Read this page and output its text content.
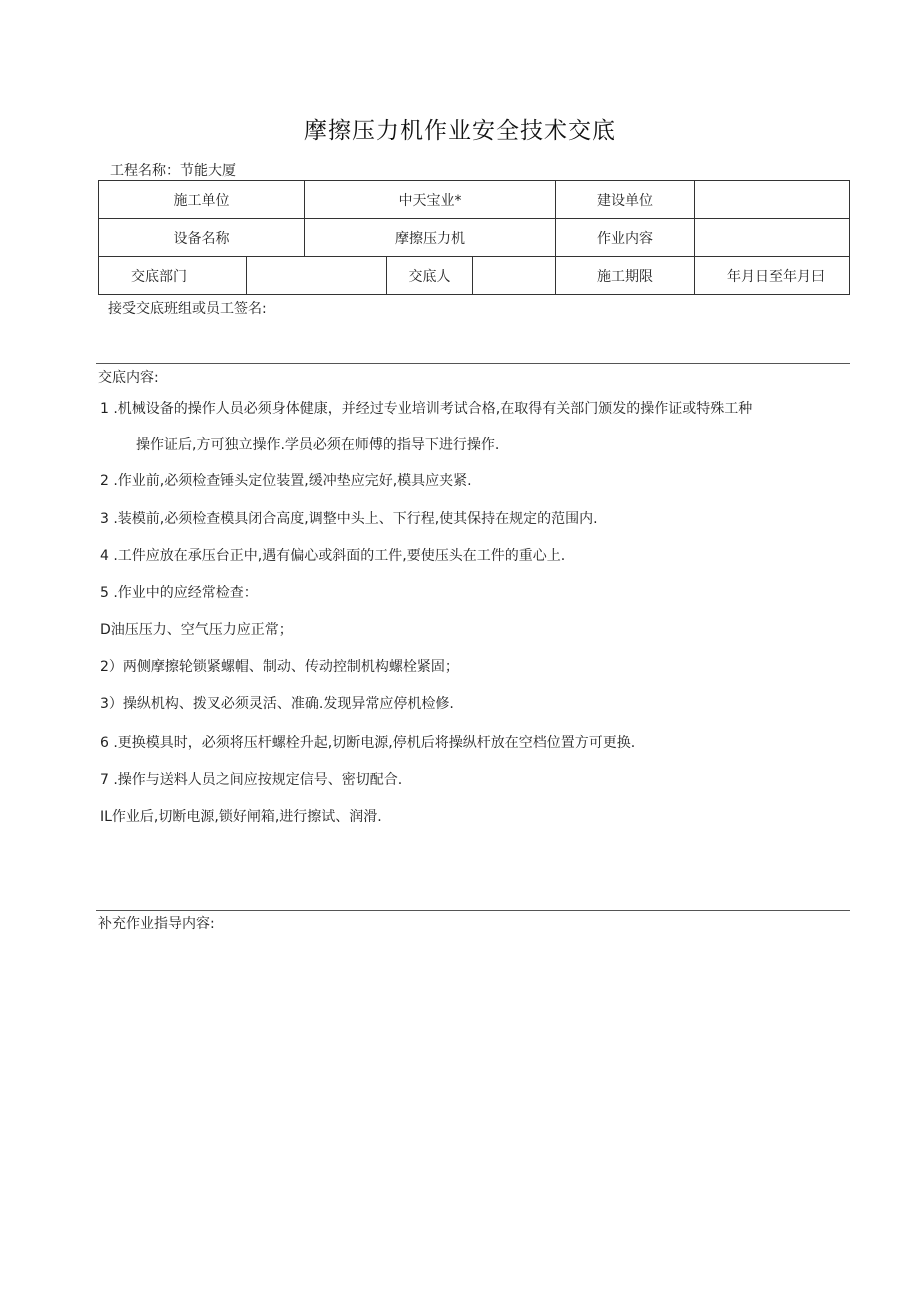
摩擦压力机作业安全技术交底
工程名称：节能大厦
施工单位		中天宝业*			建设单位	
设备名称		摩擦压力机			作业内容	
交底部门			交底人		施工期限	年月日至年月曰
接受交底班组或员工签名:
交底内容:
1 .机械设备的操作人员必须身体健康，并经过专业培训考试合格,在取得有关部门颁发的操作证或特殊工种
操作证后,方可独立操作.学员必须在师傅的指导下进行操作.
2 .作业前,必须检查锤头定位装置,缓冲垫应完好,模具应夹紧.
3 .装模前,必须检查模具闭合高度,调整中头上、下行程,使其保持在规定的范围内.
4 .工件应放在承压台正中,遇有偏心或斜面的工件,要使压头在工件的重心上.
5 .作业中的应经常检查：
D油压压力、空气压力应正常；
2）两侧摩擦轮锁紧螺帽、制动、传动控制机构螺栓紧固；
3）操纵机构、拨叉必须灵活、准确.发现异常应停机检修.
6 .更换模具时，必须将压杆螺栓升起,切断电源,停机后将操纵杆放在空档位置方可更换.
7 .操作与送料人员之间应按规定信号、密切配合.
IL作业后,切断电源,锁好闸箱,进行擦试、润滑.
补充作业指导内容:
